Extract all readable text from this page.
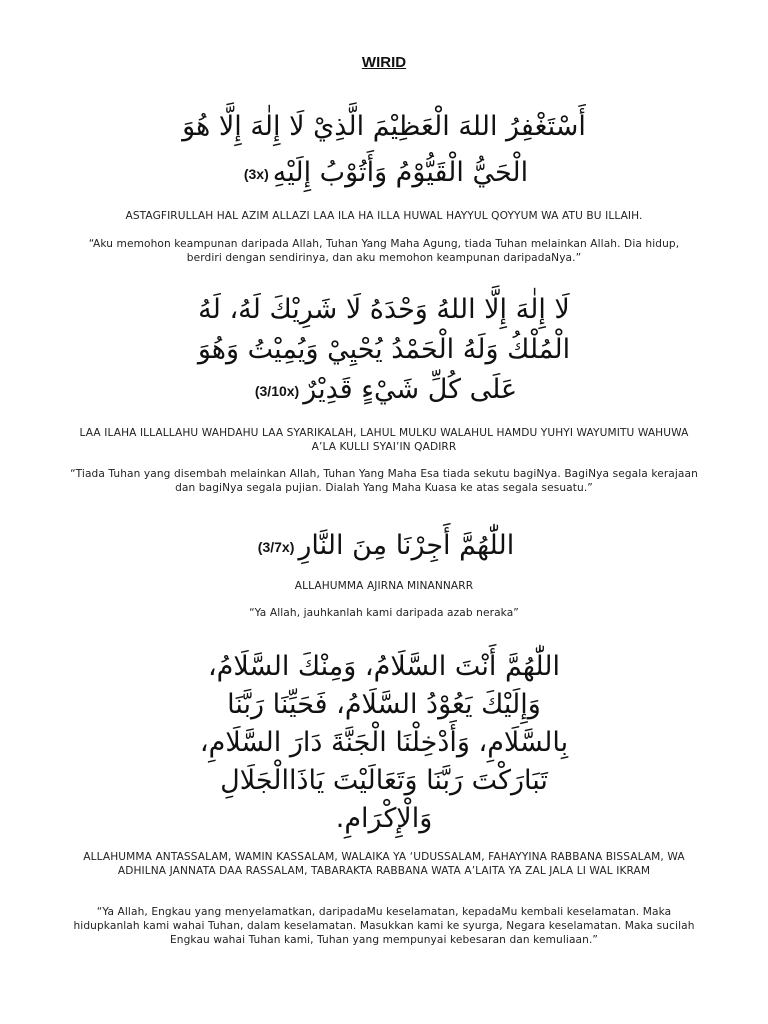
WIRID
أَسْتَغْفِرُ اللهَ الْعَظِيْمَ الَّذِيْ لَا إِلٰهَ إِلَّا هُوَ
الْحَيُّ الْقَيُّوْمُ وَأَتُوْبُ إِلَيْهِ(3x)
ASTAGFIRULLAH HAL AZIM ALLAZI LAA ILA HA ILLA HUWAL HAYYUL QOYYUM WA ATU BU ILLAIH.
“Aku memohon keampunan daripada Allah, Tuhan Yang Maha Agung, tiada Tuhan melainkan Allah. Dia hidup, berdiri dengan sendirinya, dan aku memohon keampunan daripadaNya.”
لَا إِلٰهَ إِلَّا اللهُ وَحْدَهُ لَا شَرِيْكَ لَهُ، لَهُ
الْمُلْكُ وَلَهُ الْحَمْدُ يُحْيِيْ وَيُمِيْتُ وَهُوَ
عَلَى كُلِّ شَيْءٍ قَدِيْرٌ(3/10x)
LAA ILAHA ILLALLAHU WAHDAHU LAA SYARIKALAH, LAHUL MULKU WALAHUL HAMDU YUHYI WAYUMITU WAHUWA A’LA KULLI SYAI’IN QADIRR
“Tiada Tuhan yang disembah melainkan Allah, Tuhan Yang Maha Esa tiada sekutu bagiNya. BagiNya segala kerajaan dan bagiNya segala pujian. Dialah Yang Maha Kuasa ke atas segala sesuatu.”
اللّٰهُمَّ أَجِرْنَا مِنَ النَّارِ(3/7x)
ALLAHUMMA AJIRNA MINANNARR
“Ya Allah, jauhkanlah kami daripada azab neraka”
اللّٰهُمَّ أَنْتَ السَّلَامُ، وَمِنْكَ السَّلَامُ،
وَإِلَيْكَ يَعُوْدُ السَّلَامُ، فَحَيِّنَا رَبَّنَا
بِالسَّلَامِ، وَأَدْخِلْنَا الْجَنَّةَ دَارَ السَّلَامِ،
تَبَارَكْتَ رَبَّنَا وَتَعَالَيْتَ يَاذَاالْجَلَالِ
وَالْإِكْرَامِ.
ALLAHUMMA ANTASSALAM, WAMIN KASSALAM, WALAIKA YA ‘UDUSSALAM, FAHAYYINA RABBANA BISSALAM, WA ADHILNA JANNATA DAA RASSALAM, TABARAKTA RABBANA WATA A’LAITA YA ZAL JALA LI WAL IKRAM
“Ya Allah, Engkau yang menyelamatkan, daripadaMu keselamatan, kepadaMu kembali keselamatan. Maka hidupkanlah kami wahai Tuhan, dalam keselamatan. Masukkan kami ke syurga, Negara keselamatan. Maka sucilah Engkau wahai Tuhan kami, Tuhan yang mempunyai kebesaran dan kemuliaan.”
